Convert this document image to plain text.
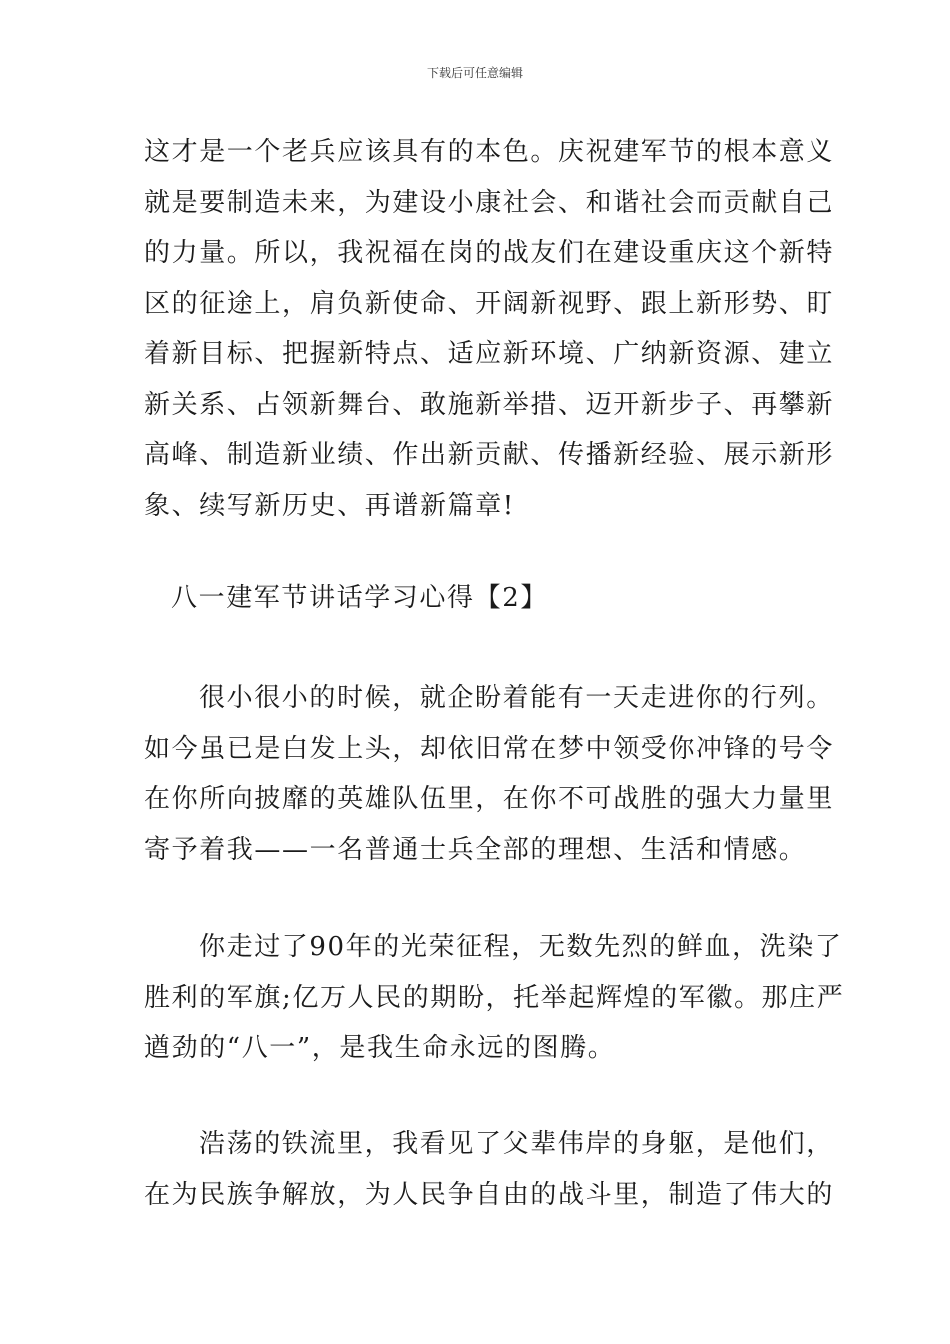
下载后可任意编辑
这才是一个老兵应该具有的本色。庆祝建军节的根本意义
就是要制造未来，为建设小康社会、和谐社会而贡献自己
的力量。所以，我祝福在岗的战友们在建设重庆这个新特
区的征途上，肩负新使命、开阔新视野、跟上新形势、盯
着新目标、把握新特点、适应新环境、广纳新资源、建立
新关系、占领新舞台、敢施新举措、迈开新步子、再攀新
高峰、制造新业绩、作出新贡献、传播新经验、展示新形
象、续写新历史、再谱新篇章!
八一建军节讲话学习心得【2】
很小很小的时候，就企盼着能有一天走进你的行列。
如今虽已是白发上头，却依旧常在梦中领受你冲锋的号令
在你所向披靡的英雄队伍里，在你不可战胜的强大力量里
寄予着我——一名普通士兵全部的理想、生活和情感。
你走过了90年的光荣征程，无数先烈的鲜血，洗染了
胜利的军旗;亿万人民的期盼，托举起辉煌的军徽。那庄严
遒劲的“八一”，是我生命永远的图腾。
浩荡的铁流里，我看见了父辈伟岸的身躯，是他们，
在为民族争解放，为人民争自由的战斗里，制造了伟大的
